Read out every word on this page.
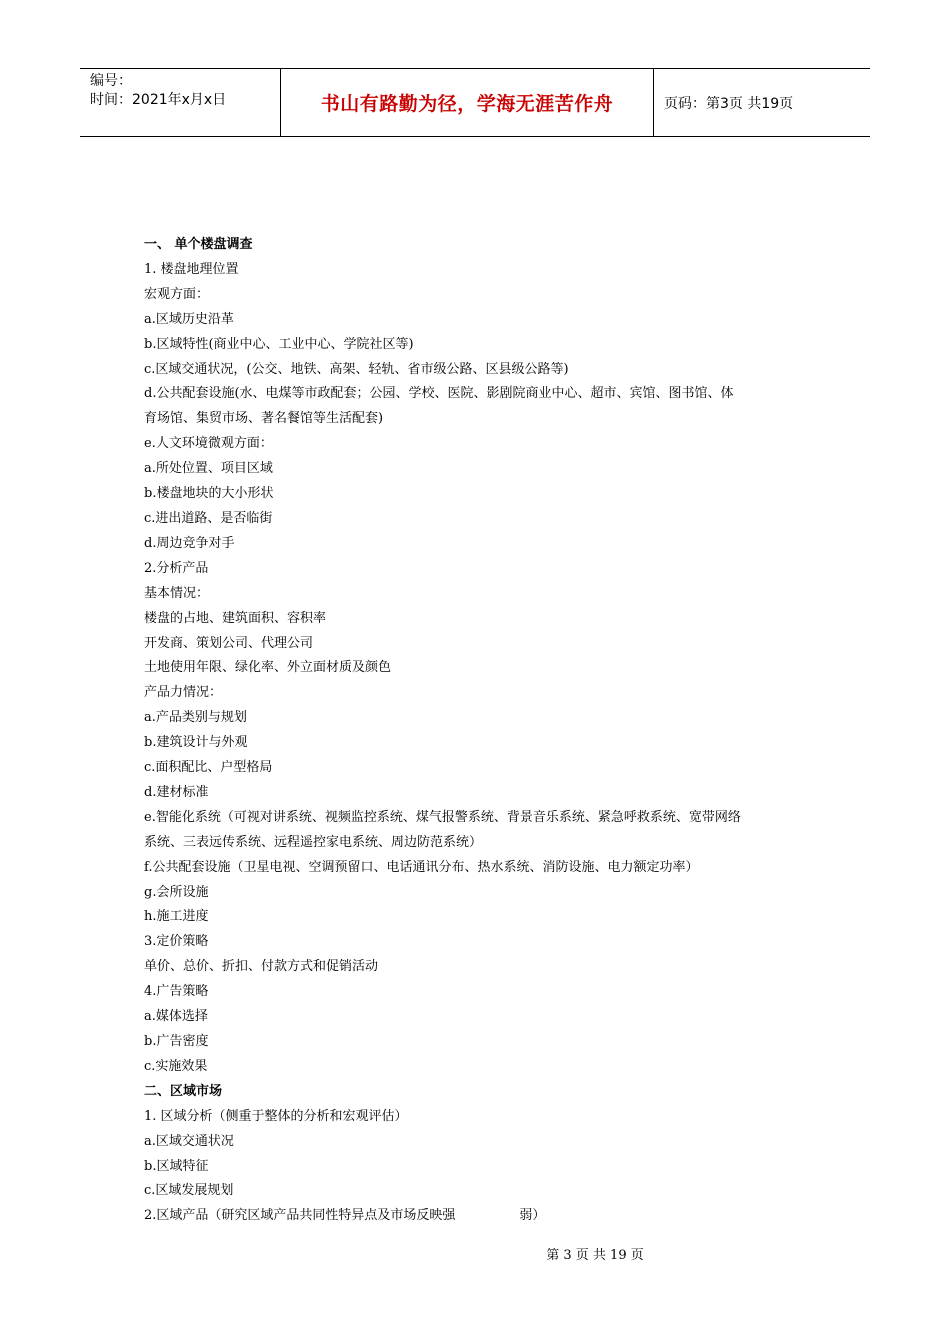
编号：
时间：2021年x月x日	书山有路勤为径，学海无涯苦作舟	页码：第3页 共19页
一、 单个楼盘调查
1. 楼盘地理位置
宏观方面：
a.区域历史沿革
b.区域特性(商业中心、工业中心、学院社区等)
c.区域交通状况，(公交、地铁、高架、轻轨、省市级公路、区县级公路等)
d.公共配套设施(水、电煤等市政配套；公园、学校、医院、影剧院商业中心、超市、宾馆、图书馆、体
育场馆、集贸市场、著名餐馆等生活配套)
e.人文环境微观方面：
a.所处位置、项目区域
b.楼盘地块的大小形状
c.进出道路、是否临街
d.周边竞争对手
2.分析产品
基本情况：
楼盘的占地、建筑面积、容积率
开发商、策划公司、代理公司
土地使用年限、绿化率、外立面材质及颜色
产品力情况：
a.产品类别与规划
b.建筑设计与外观
c.面积配比、户型格局
d.建材标准
e.智能化系统（可视对讲系统、视频监控系统、煤气报警系统、背景音乐系统、紧急呼救系统、宽带网络
系统、三表远传系统、远程遥控家电系统、周边防范系统）
f.公共配套设施（卫星电视、空调预留口、电话通讯分布、热水系统、消防设施、电力额定功率）
g.会所设施
h.施工进度
3.定价策略
单价、总价、折扣、付款方式和促销活动
4.广告策略
a.媒体选择
b.广告密度
c.实施效果
二、区域市场
1. 区域分析（侧重于整体的分析和宏观评估）
a.区域交通状况
b.区域特征
c.区域发展规划
2.区域产品（研究区域产品共同性特异点及市场反映强	弱）
第 3 页 共 19 页
